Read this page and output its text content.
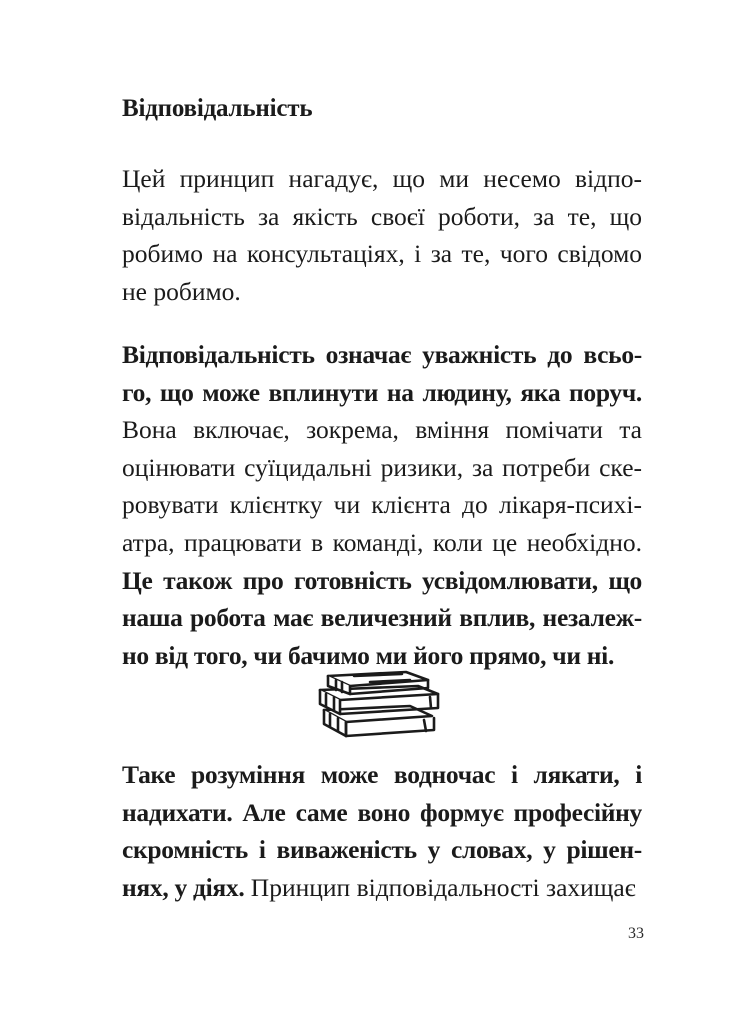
Відповідальність
Цей принцип нагадує, що ми несемо відпо-
відальність за якість своєї роботи, за те, що
робимо на консультаціях, і за те, чого свідомо
не робимо.
Відповідальність означає уважність до всьо-
го, що може вплинути на людину, яка поруч.
Вона включає, зокрема, вміння помічати та
оцінювати суїцидальні ризики, за потреби ске-
ровувати клієнтку чи клієнта до лікаря-психі-
атра, працювати в команді, коли це необхідно.
Це також про готовність усвідомлювати, що
наша робота має величезний вплив, незалеж-
но від того, чи бачимо ми його прямо, чи ні.
Таке розуміння може водночас і лякати, і
надихати. Але саме воно формує професійну
скромність і виваженість у словах, у рішен-
нях, у діях. Принцип відповідальності захищає
33
